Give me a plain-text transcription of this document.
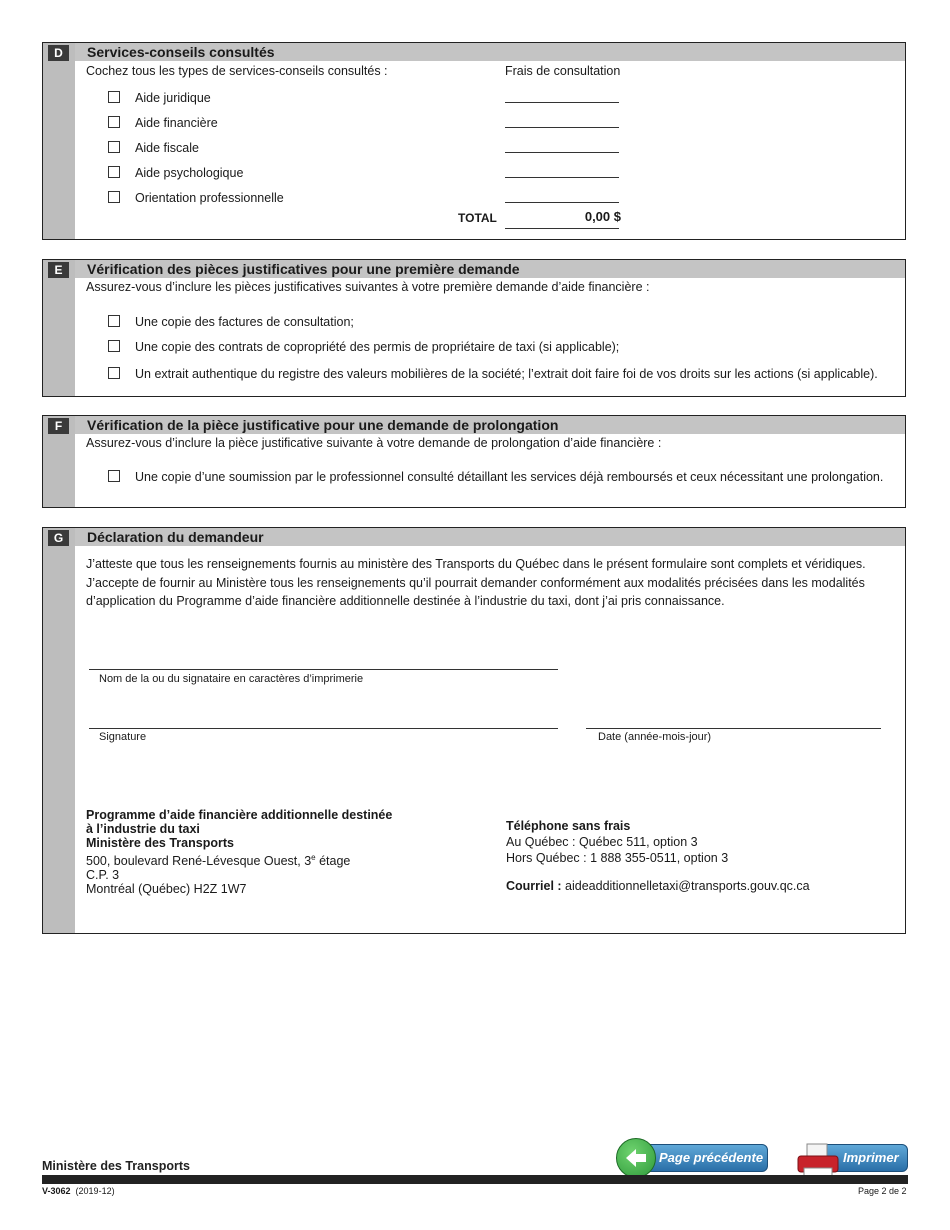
D	Services-conseils consultés
Cochez tous les types de services-conseils consultés :	Frais de consultation
Aide juridique
Aide financière
Aide fiscale
Aide psychologique
Orientation professionnelle
TOTAL	0,00 $
E	Vérification des pièces justificatives pour une première demande
Assurez-vous d’inclure les pièces justificatives suivantes à votre première demande d’aide financière :
Une copie des factures de consultation;
Une copie des contrats de copropriété des permis de propriétaire de taxi (si applicable);
Un extrait authentique du registre des valeurs mobilières de la société; l’extrait doit faire foi de vos droits sur les actions (si applicable).
F	Vérification de la pièce justificative pour une demande de prolongation
Assurez-vous d’inclure la pièce justificative suivante à votre demande de prolongation d’aide financière :
Une copie d’une soumission par le professionnel consulté détaillant les services déjà remboursés et ceux nécessitant une prolongation.
G	Déclaration du demandeur
J’atteste que tous les renseignements fournis au ministère des Transports du Québec dans le présent formulaire sont complets et véridiques.
J’accepte de fournir au Ministère tous les renseignements qu’il pourrait demander conformément aux modalités précisées dans les modalités
d’application du Programme d’aide financière additionnelle destinée à l’industrie du taxi, dont j’ai pris connaissance.
Nom de la ou du signataire en caractères d’imprimerie
Signature	Date (année-mois-jour)
Programme d’aide financière additionnelle destinée
à l’industrie du taxi
Ministère des Transports
500, boulevard René-Lévesque Ouest, 3e étage
C.P. 3
Montréal (Québec) H2Z 1W7
Téléphone sans frais
Au Québec : Québec 511, option 3
Hors Québec : 1 888 355-0511, option 3
Courriel : aideadditionnelletaxi@transports.gouv.qc.ca
Ministère des Transports
Page précédente	Imprimer
V-3062 (2019-12)	Page 2 de 2
